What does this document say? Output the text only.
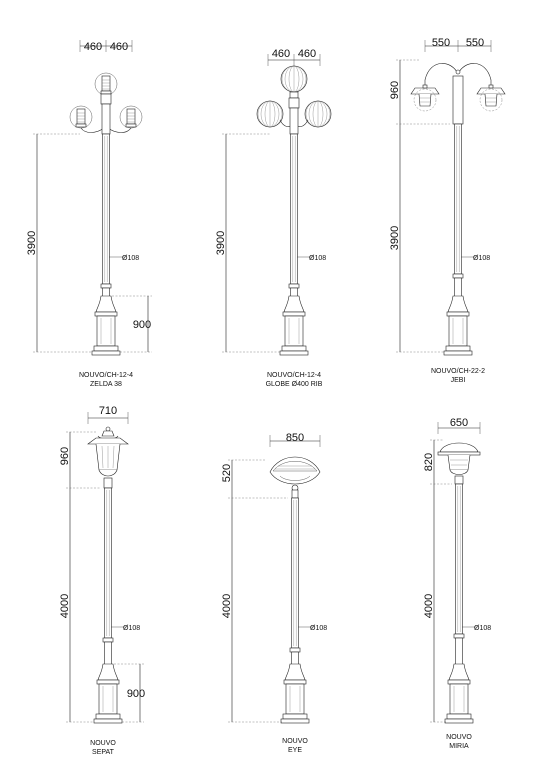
460 460
3900
900
Ø108
NOUVO/CH-12-4
ZELDA 38
460 460
3900
Ø108
NOUVO/CH-12-4
GLOBE Ø400 RIB
550 550
960
3900
Ø108
NOUVO/CH-22-2
JEBI
710
960
4000
900
Ø108
NOUVO
SEPAT
850
520
4000
Ø108
NOUVO
EYE
650
820
4000
Ø108
NOUVO
MIRIA
